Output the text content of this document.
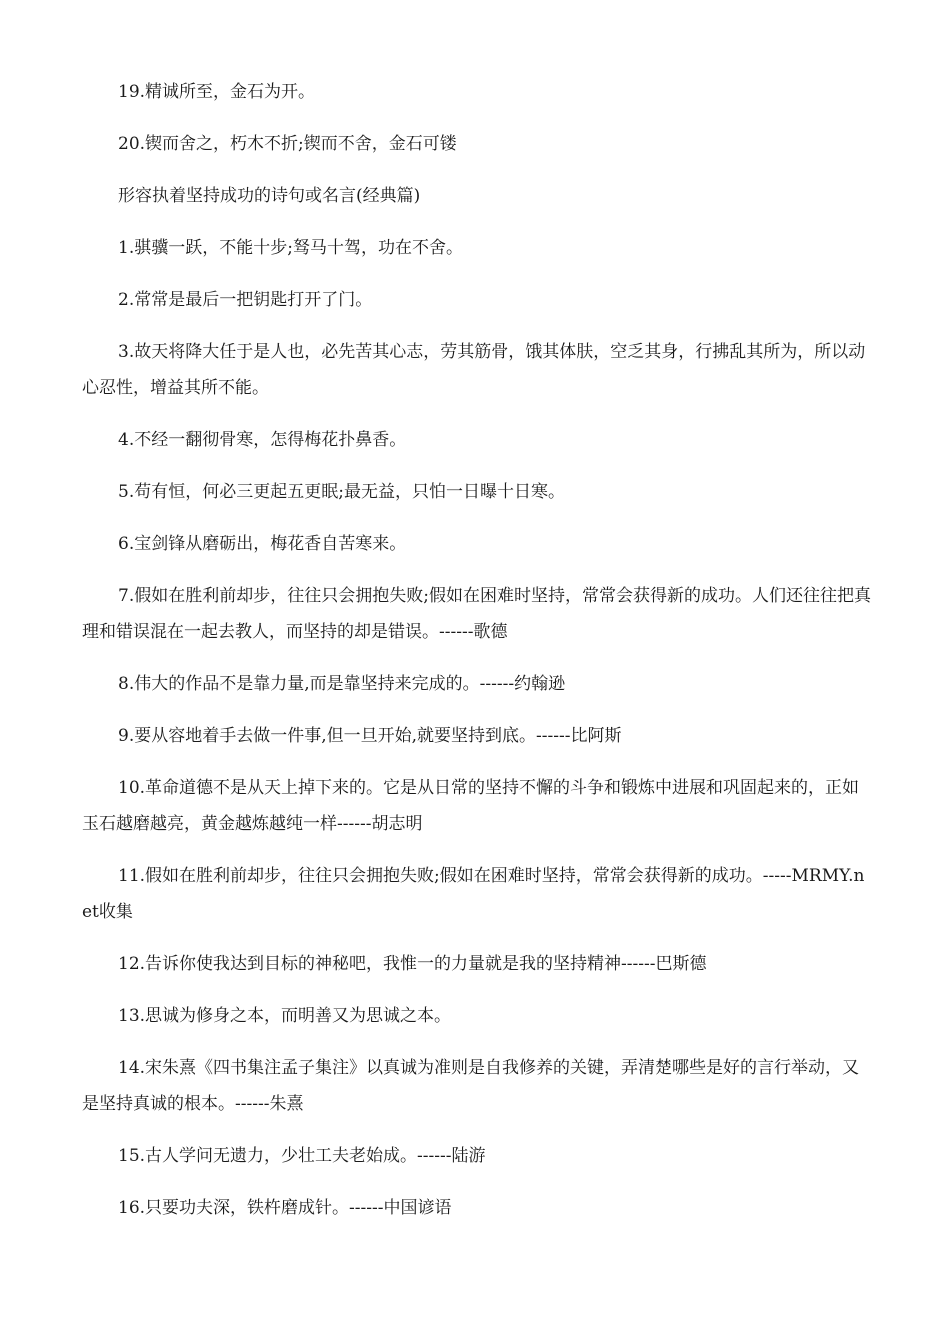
19.精诚所至，金石为开。

20.锲而舍之，朽木不折;锲而不舍，金石可镂

形容执着坚持成功的诗句或名言(经典篇)

1.骐骥一跃，不能十步;驽马十驾，功在不舍。

2.常常是最后一把钥匙打开了门。

3.故天将降大任于是人也，必先苦其心志，劳其筋骨，饿其体肤，空乏其身，行拂乱其所为，所以动心忍性，增益其所不能。

4.不经一翻彻骨寒，怎得梅花扑鼻香。

5.苟有恒，何必三更起五更眠;最无益，只怕一日曝十日寒。

6.宝剑锋从磨砺出，梅花香自苦寒来。

7.假如在胜利前却步，往往只会拥抱失败;假如在困难时坚持，常常会获得新的成功。人们还往往把真理和错误混在一起去教人，而坚持的却是错误。------歌德

8.伟大的作品不是靠力量,而是靠坚持来完成的。------约翰逊

9.要从容地着手去做一件事,但一旦开始,就要坚持到底。------比阿斯

10.革命道德不是从天上掉下来的。它是从日常的坚持不懈的斗争和锻炼中进展和巩固起来的，正如玉石越磨越亮，黄金越炼越纯一样------胡志明

11.假如在胜利前却步，往往只会拥抱失败;假如在困难时坚持，常常会获得新的成功。-----MRMY.net收集

12.告诉你使我达到目标的神秘吧，我惟一的力量就是我的坚持精神------巴斯德

13.思诚为修身之本，而明善又为思诚之本。

14.宋朱熹《四书集注孟子集注》以真诚为准则是自我修养的关键，弄清楚哪些是好的言行举动，又是坚持真诚的根本。------朱熹

15.古人学问无遗力，少壮工夫老始成。------陆游

16.只要功夫深，铁杵磨成针。------中国谚语
